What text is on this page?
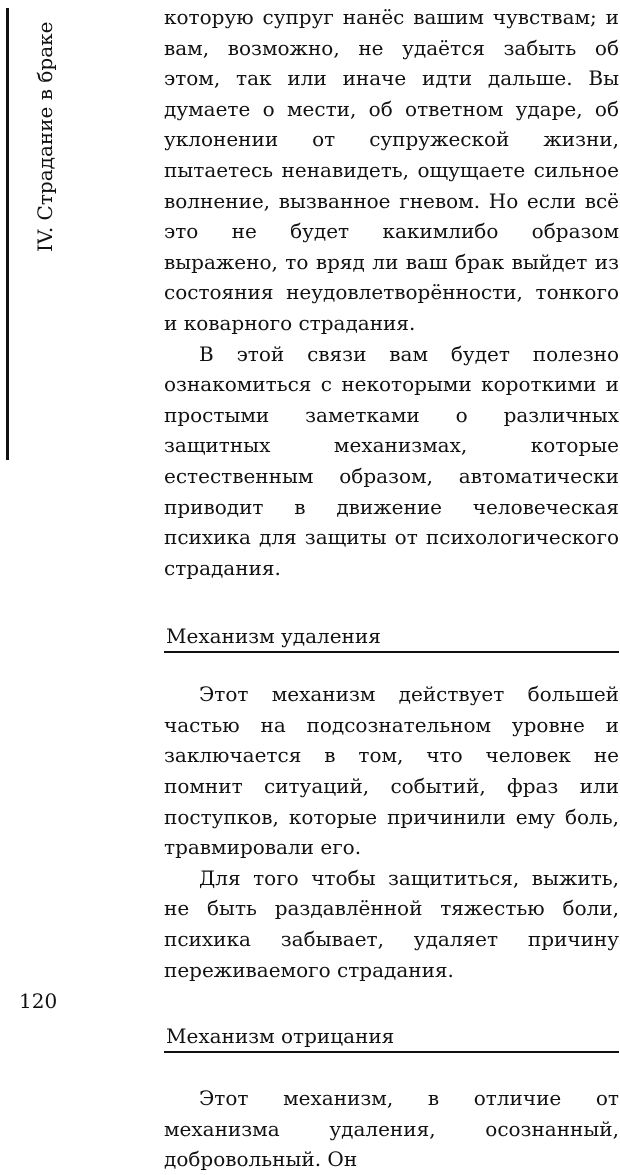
IV. Страдание в браке

которую супруг нанёс вашим чувствам; и вам, возможно, не удаётся забыть об этом, так или иначе идти дальше. Вы думаете о мести, об ответном ударе, об уклонении от супружеской жизни, пытаетесь ненавидеть, ощущаете сильное волнение, вызванное гневом. Но если всё это не будет какимлибо образом выражено, то вряд ли ваш брак выйдет из состояния неудовлетворённости, тонкого и коварного страдания.

В этой связи вам будет полезно ознакомиться с некоторыми короткими и простыми заметками о различных защитных механизмах, которые естественным образом, автоматически приводит в движение человеческая психика для защиты от психологического страдания.

Механизм удаления

Этот механизм действует большей частью на подсознательном уровне и заключается в том, что человек не помнит ситуаций, событий, фраз или поступков, которые причинили ему боль, травмировали его.

Для того чтобы защититься, выжить, не быть раздавлённой тяжестью боли, психика забывает, удаляет причину переживаемого страдания.

Механизм отрицания

Этот механизм, в отличие от механизма удаления, осознанный, добровольный. Он

120
